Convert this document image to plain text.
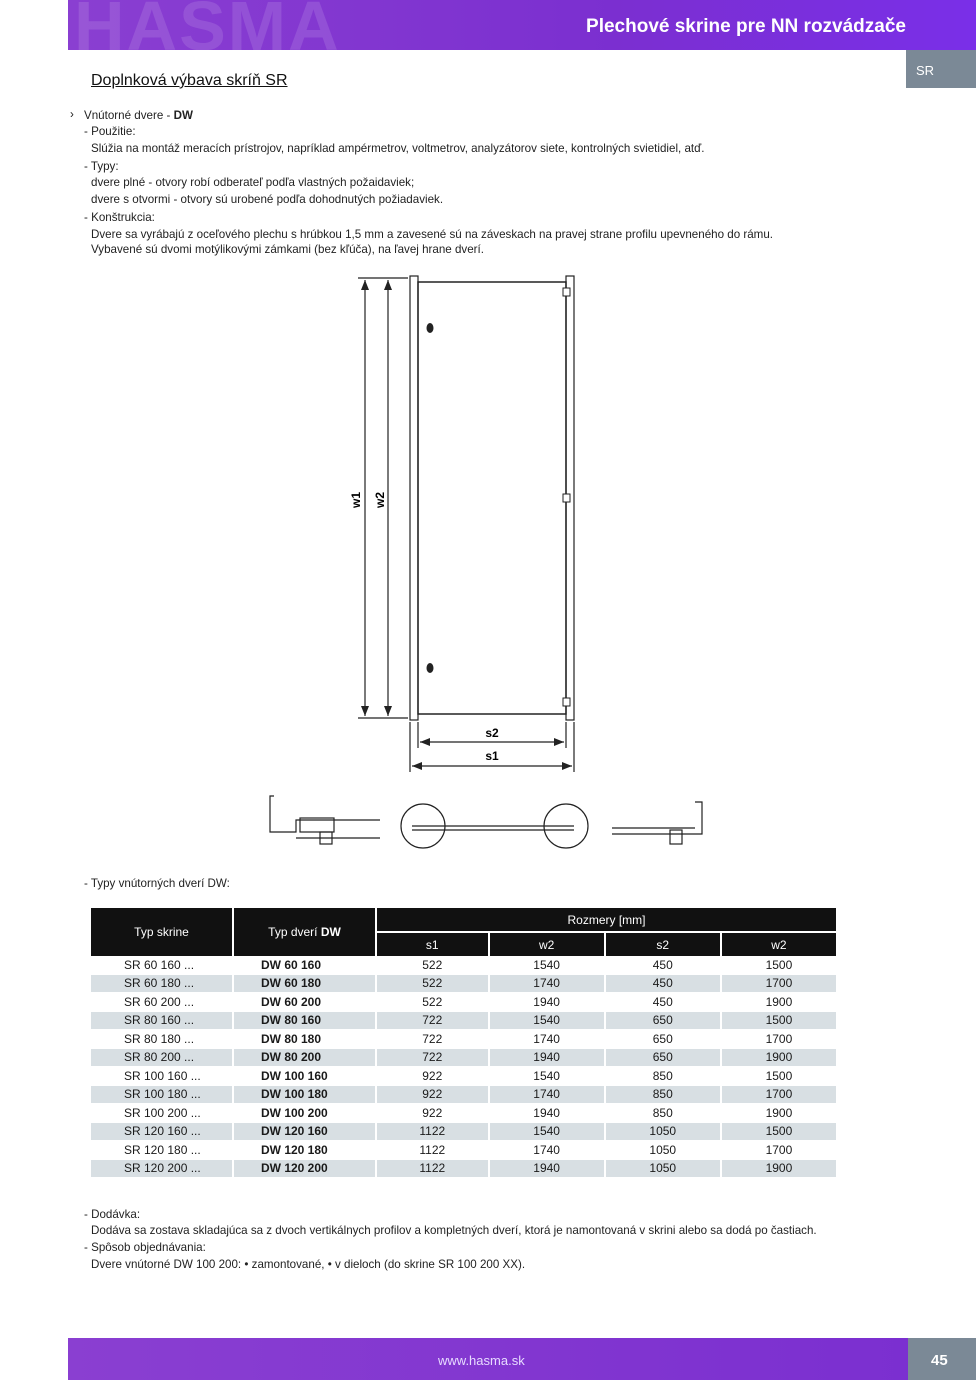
HASMA	Plechové skrine pre NN rozvádzače
SR
Doplnková výbava skríň SR
› Vnútorné dvere - DW
- Použitie:
Slúžia na montáž meracích prístrojov, napríklad ampérmetrov, voltmetrov, analyzátorov siete, kontrolných svietidiel, atď.
- Typy:
dvere plné - otvory robí odberateľ podľa vlastných požaidaviek;
dvere s otvormi - otvory sú urobené podľa dohodnutých požiadaviek.
- Konštrukcia:
Dvere sa vyrábajú z oceľového plechu s hrúbkou 1,5 mm a zavesené sú na záveskach na pravej strane profilu upevneného do rámu.
Vybavené sú dvomi motýlikovými zámkami (bez kľúča), na ľavej hrane dverí.
w1 w2
s2
s1
- Typy vnútorných dverí DW:
Typ skrine	Typ dverí DW	Rozmery [mm]			
		s1	w2	s2	w2
SR 60 160 ...	DW 60 160	522	1540	450	1500
SR 60 180 ...	DW 60 180	522	1740	450	1700
SR 60 200 ...	DW 60 200	522	1940	450	1900
SR 80 160 ...	DW 80 160	722	1540	650	1500
SR 80 180 ...	DW 80 180	722	1740	650	1700
SR 80 200 ...	DW 80 200	722	1940	650	1900
SR 100 160 ...	DW 100 160	922	1540	850	1500
SR 100 180 ...	DW 100 180	922	1740	850	1700
SR 100 200 ...	DW 100 200	922	1940	850	1900
SR 120 160 ...	DW 120 160	1122	1540	1050	1500
SR 120 180 ...	DW 120 180	1122	1740	1050	1700
SR 120 200 ...	DW 120 200	1122	1940	1050	1900
- Dodávka:
Dodáva sa zostava skladajúca sa z dvoch vertikálnych profilov a kompletných dverí, ktorá je namontovaná v skrini alebo sa dodá po častiach.
- Spôsob objednávania:
Dvere vnútorné DW 100 200: • zamontované, • v dieloch (do skrine SR 100 200 XX).
www.hasma.sk	45
